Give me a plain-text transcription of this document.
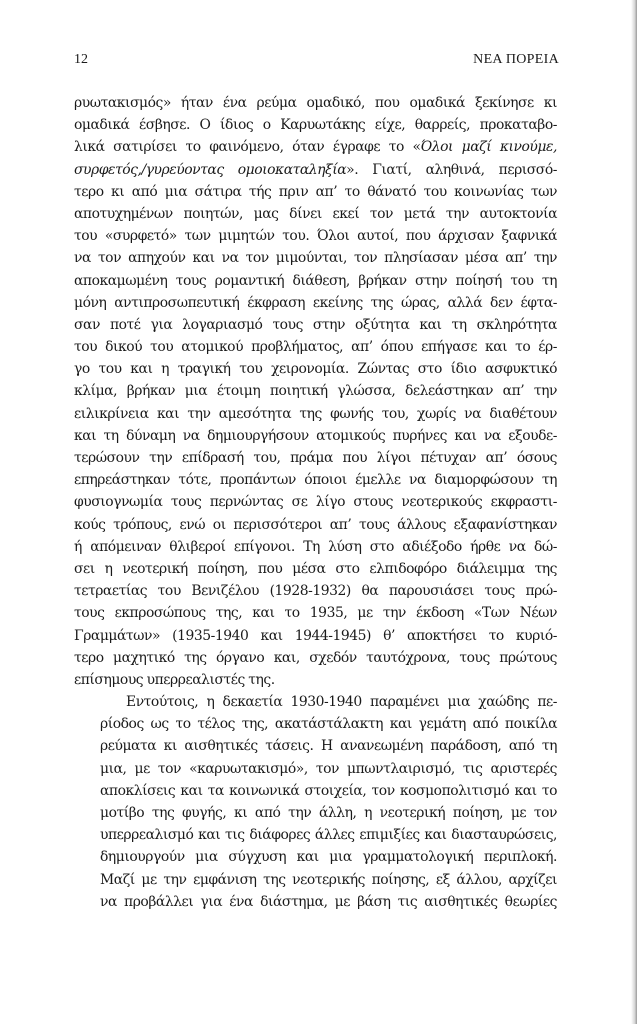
12	ΝΕΑ ΠΟΡΕΙΑ
ρυωτακισμός» ήταν ένα ρεύμα ομαδικό, που ομαδικά ξεκίνησε κι
ομαδικά έσβησε. Ο ίδιος ο Καρυωτάκης είχε, θαρρείς, προκαταβο-
λικά σατιρίσει το φαινόμενο, όταν έγραφε το «Όλοι μαζί κινούμε,
συρφετός,/γυρεύοντας ομοιοκαταληξία». Γιατί, αληθινά, περισσό-
τερο κι από μια σάτιρα τής πριν απ’ το θάνατό του κοινωνίας των
αποτυχημένων ποιητών, μας δίνει εκεί τον μετά την αυτοκτονία
του «συρφετό» των μιμητών του. Όλοι αυτοί, που άρχισαν ξαφνικά
να τον απηχούν και να τον μιμούνται, τον πλησίασαν μέσα απ’ την
αποκαμωμένη τους ρομαντική διάθεση, βρήκαν στην ποίησή του τη
μόνη αντιπροσωπευτική έκφραση εκείνης της ώρας, αλλά δεν έφτα-
σαν ποτέ για λογαριασμό τους στην οξύτητα και τη σκληρότητα
του δικού του ατομικού προβλήματος, απ’ όπου επήγασε και το έρ-
γο του και η τραγική του χειρονομία. Ζώντας στο ίδιο ασφυκτικό
κλίμα, βρήκαν μια έτοιμη ποιητική γλώσσα, δελεάστηκαν απ’ την
ειλικρίνεια και την αμεσότητα της φωνής του, χωρίς να διαθέτουν
και τη δύναμη να δημιουργήσουν ατομικούς πυρήνες και να εξουδε-
τερώσουν την επίδρασή του, πράμα που λίγοι πέτυχαν απ’ όσους
επηρεάστηκαν τότε, προπάντων όποιοι έμελλε να διαμορφώσουν τη
φυσιογνωμία τους περνώντας σε λίγο στους νεοτερικούς εκφραστι-
κούς τρόπους, ενώ οι περισσότεροι απ’ τους άλλους εξαφανίστηκαν
ή απόμειναν θλιβεροί επίγονοι. Τη λύση στο αδιέξοδο ήρθε να δώ-
σει η νεοτερική ποίηση, που μέσα στο ελπιδοφόρο διάλειμμα της
τετραετίας του Βενιζέλου (1928-1932) θα παρουσιάσει τους πρώ-
τους εκπροσώπους της, και το 1935, με την έκδοση «Των Νέων
Γραμμάτων» (1935-1940 και 1944-1945) θ’ αποκτήσει το κυριό-
τερο μαχητικό της όργανο και, σχεδόν ταυτόχρονα, τους πρώτους
επίσημους υπερρεαλιστές της.
Εντούτοις, η δεκαετία 1930-1940 παραμένει μια χαώδης πε-
ρίοδος ως το τέλος της, ακατάστάλακτη και γεμάτη από ποικίλα
ρεύματα κι αισθητικές τάσεις. Η ανανεωμένη παράδοση, από τη
μια, με τον «καρυωτακισμό», τον μπωντλαιρισμό, τις αριστερές
αποκλίσεις και τα κοινωνικά στοιχεία, τον κοσμοπολιτισμό και το
μοτίβο της φυγής, κι από την άλλη, η νεοτερική ποίηση, με τον
υπερρεαλισμό και τις διάφορες άλλες επιμιξίες και διασταυρώσεις,
δημιουργούν μια σύγχυση και μια γραμματολογική περιπλοκή.
Μαζί με την εμφάνιση της νεοτερικής ποίησης, εξ άλλου, αρχίζει
να προβάλλει για ένα διάστημα, με βάση τις αισθητικές θεωρίες
